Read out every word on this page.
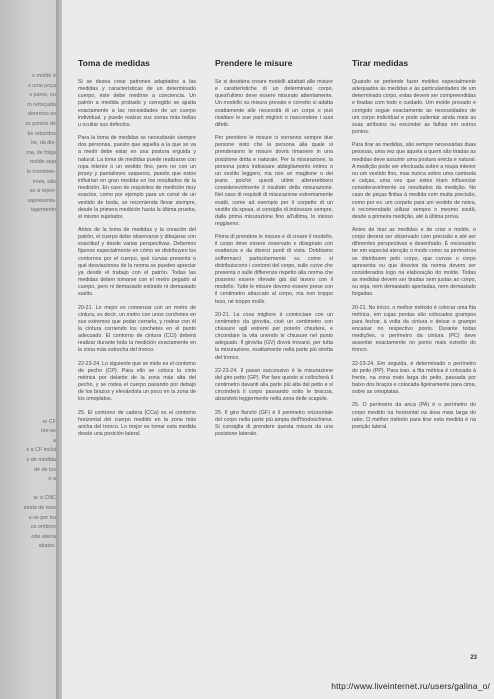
o mofde é
s uma poça
s pares, ou
m reforçada
deremos os
ss pontos de
bs rebordos
ite, da dis-
ma, de folga
molde seja
lo movimen-
imes, são
se à repre-
sapresenta-
iagemento
re CF
ore-se
a
s a CF inclui
o de medida
de de los
e a
ar a CNC
ainda de mos
s-se por tra
os ombros
ode aterra
abaixo.
Toma de medidas

Si se desea crear patrones adaptados a las medidas y características de un determinado cuerpo, éste debe medirse a conciencia. Un patrón a medida probado y corregido se ajusta exactamente a las necesidades de un cuerpo individual, y puede realzar sus zonas más bellas u ocultar sus defectos.

Para la toma de medidas se necesitarán siempre dos personas, puesto que aquella a la que se va a medir debe estar en una postura erguida y natural. La toma de medidas puede realizarse con ropa interior o un vestido fino, pero no con un jersey y pantalones vaqueros, puesto que estos influirían en gran medida en los resultados de la medición. En caso de requisitos de medición muy exactos, como por ejemplo para un corsé de un vestido de boda, se recomienda llevar siempre, desde la primera medición hasta la última prueba, el mismo sujetador.

Antes de la toma de medidas y la creación del patrón, el cuerpo debe observarse y dibujarse con exactitud y desde varias perspectivas. Debemos fijarnos especialmente en cómo se distribuyen los contornos por el cuerpo, qué curvas presenta o qué desviaciones de la norma se pueden apreciar ya desde el trabajo con el patrón. Todas las medidas deben tomarse con el metro pegado al cuerpo, pero ni demasiado estirado ni demasiado suelto.

20-21. Lo mejor es comenzar con un metro de cintura, es decir, un metro con unos corchetes en sus extremos que podar cerrarlo, y rodear con él la cintura corriendo los corchetes en el punto adecuado. El contorno de cintura (CCI) deberá realizar durante toda la medición exactamente en la zona más estrecha del tronco.

22-23-24. Lo siguiente que se mide es el contorno de pecho (CP). Para ello se coloca la cinta métrica por delante de la zona más alta del pecho, y se rodea el cuerpo pasando por debajo de los brazos y elevándola un poco en la zona de los omoplatos.

25. El contorno de cadera (CCa) es el contorno horizontal del cuerpo medido en la zona más ancha del tronco. Lo mejor es tomar esta medida desde una posición lateral.

Prendere le misure

Se si desidera creare modelli adattati alle misure e caratteristiche di un determinato corpo, quest'ultimo deve essere misurato attentamente. Un modello su misura provato e corretto si adatta esattamente alle necessità di un corpo e può risaltare le sue parti migliori o nascondere i suoi difetti.

Per prendere le misure ci vorranno sempre due persone visto che la persona alla quale si prenderanno le misure dovrà rimanere in una posizione dritta e naturale. Per la misurazione, la persona potrà indossare abbigliamento intimo o un vestito leggero, ma non un maglione o dei jeans poiché questi ultimi altererebbero considerevolmente il risultato della misurazione. Nel caso di requisiti di misurazione estremamente esatti, come ad esempio per il corpetto di un vestito da sposa, si consiglia di indossare sempre, dalla prima misurazione fino all'ultima, lo stesso reggiseno.

Prima di prendere le misure e di creare il modello, il corpo deve essere osservato e disegnato con esattezza e da diversi punti di vista. Dobbiamo soffermarci particolarmente su come si distribuiscono i contorni del corpo, sulle curve che presenta o sulle differenze rispetto alla norma che possono essere rilevate già dal lavoro con il modello. Tutte le misure dovono essere prese con il centimetro attaccato al corpo, ma non troppo teso, né troppo molle.

20-21. La cosa migliore è cominciare con un centimetro da girovita, cioè un centimetro con chiusure agli estremi per poterlo chiudere, e circondare la vita unendo le chiusure nel punto adeguato. Il girovita (GV) dovrà trovarsi, per tutta la misurazione, esattamente nella parte più stretta del tronco.

22-23-24. Il passo successivo è la misurazione del giro petto (GP). Per fare questo si collocherà il centimetro davanti alla parte più alta del petto e si circonderà il corpo passando sotto le braccia, alzandolo leggermente nella zona delle scapole.

25. Il giro fianchi (GF) è il perimetro orizzontale del corpo nella parte più ampia dell'fondoschiena. Si consiglia di prendere questa misura da una posizione laterale.

Tirar medidas

Quando se pretende fazer moldes especialmente adequados às medidas e às particularidades de um determinado corpo, estas devem ser compreendidas e tiradas com todo o cuidado. Um molde provado e corrigido segue exactamente as necessidades de um corpo individual e pode salientar ainda mais as suas atributos ou esconder as falhas em outros pontos.

Para tirar as medidas, são sempre necessárias duas pessoas, uma vez que aquela a quem são tiradas as medidas deve assumir uma postura erecta e natural. A medição pode ser efectuada sobre a roupa interior ou um vestido fino, mas nunca sobre uma camisola e calças, uma vez que estes iriam influenciar consideravelmente os resultados da medição. No caso de peças finitas à medida com muita precisão, como por ex. um corpete para um vestido de noiva, é recomendado utilizar sempre o mesmo soutã, desde a primeira medição, até à última prova.

Antes de tirar as medidas e de criar o molde, o corpo deverá ser observado com precisão e até ser diferentes perspectivas e desenhado. É necessário ter em especial atenção o modo como os perímetros se distribuem pelo corpo, que curvas o corpo apresenta ou que desvios da norma devem ser considerados logo na elaboração do molde. Todas as medidas devem ser tiradas sem justas ao corpo, ou seja, nem demasiado apertadas, nem demasiado folgadas.

20-21. No início, o melhor método é colocar uma fita métrica, em cujas pontas são colocados grampos para fechar, à volta da cintura e deixar o grampo encaixar no respectivo ponto. Durante todas medições, o perímetro da cintura (PC) deve assentar exactamente no ponto mais estreito do tronco.

22-23-24. Em seguida, é determinado o perímetro do peito (PP). Para isso, a fita métrica é colocada à frente, na zona mais larga do peito, passada por baixo dos braços e colocada ligeiramente para cima, sobre as omoplatas.

25. O perímetro da anca (PA) é o perímetro do corpo medido na horizontal na área mais larga do rabo. O melhor método para tirar esta medida é na posição lateral.

23
http://www.liveinternet.ru/users/galina_o/
